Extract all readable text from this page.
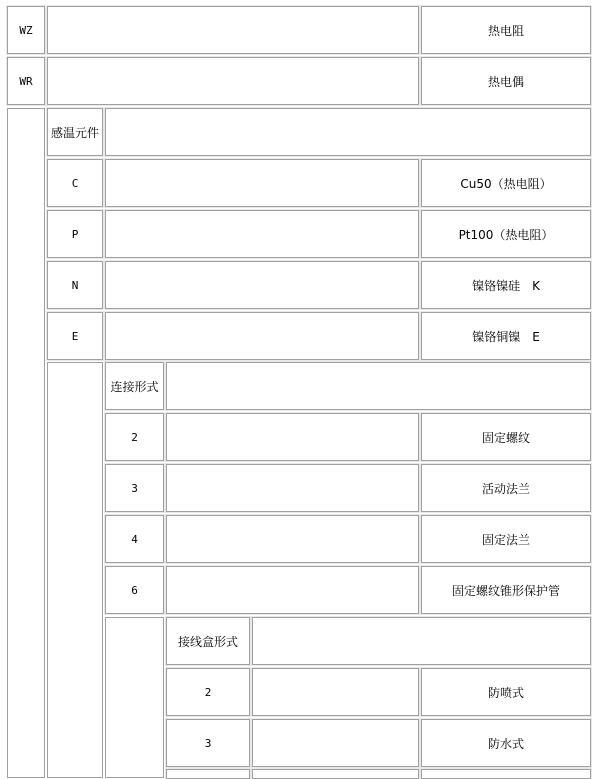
WZ	热电阻
WR	热电偶
感温元件
C	Cu50（热电阻）
P	Pt100（热电阻）
N	镍铬镍硅　K
E	镍铬铜镍　E
连接形式
2	固定螺纹
3	活动法兰
4	固定法兰
6	固定螺纹锥形保护管
接线盒形式
2	防喷式
3	防水式
